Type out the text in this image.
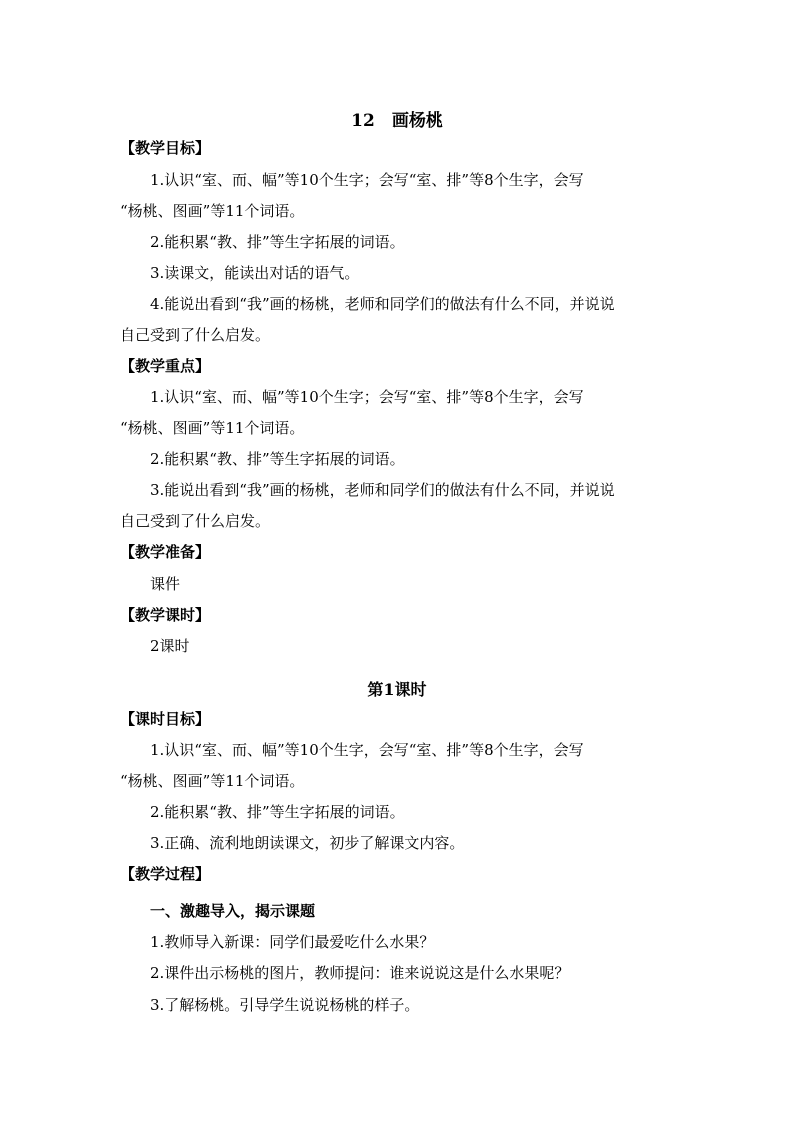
12　画杨桃
【教学目标】
1.认识“室、而、幅”等10个生字；会写“室、排”等8个生字，会写
“杨桃、图画”等11个词语。
2.能积累“教、排”等生字拓展的词语。
3.读课文，能读出对话的语气。
4.能说出看到“我”画的杨桃，老师和同学们的做法有什么不同，并说说
自己受到了什么启发。
【教学重点】
1.认识“室、而、幅”等10个生字；会写“室、排”等8个生字，会写
“杨桃、图画”等11个词语。
2.能积累“教、排”等生字拓展的词语。
3.能说出看到“我”画的杨桃，老师和同学们的做法有什么不同，并说说
自己受到了什么启发。
【教学准备】
课件
【教学课时】
2课时
第1课时
【课时目标】
1.认识“室、而、幅”等10个生字，会写“室、排”等8个生字，会写
“杨桃、图画”等11个词语。
2.能积累“教、排”等生字拓展的词语。
3.正确、流利地朗读课文，初步了解课文内容。
【教学过程】
一、激趣导入，揭示课题
1.教师导入新课：同学们最爱吃什么水果？
2.课件出示杨桃的图片，教师提问：谁来说说这是什么水果呢？
3.了解杨桃。引导学生说说杨桃的样子。
